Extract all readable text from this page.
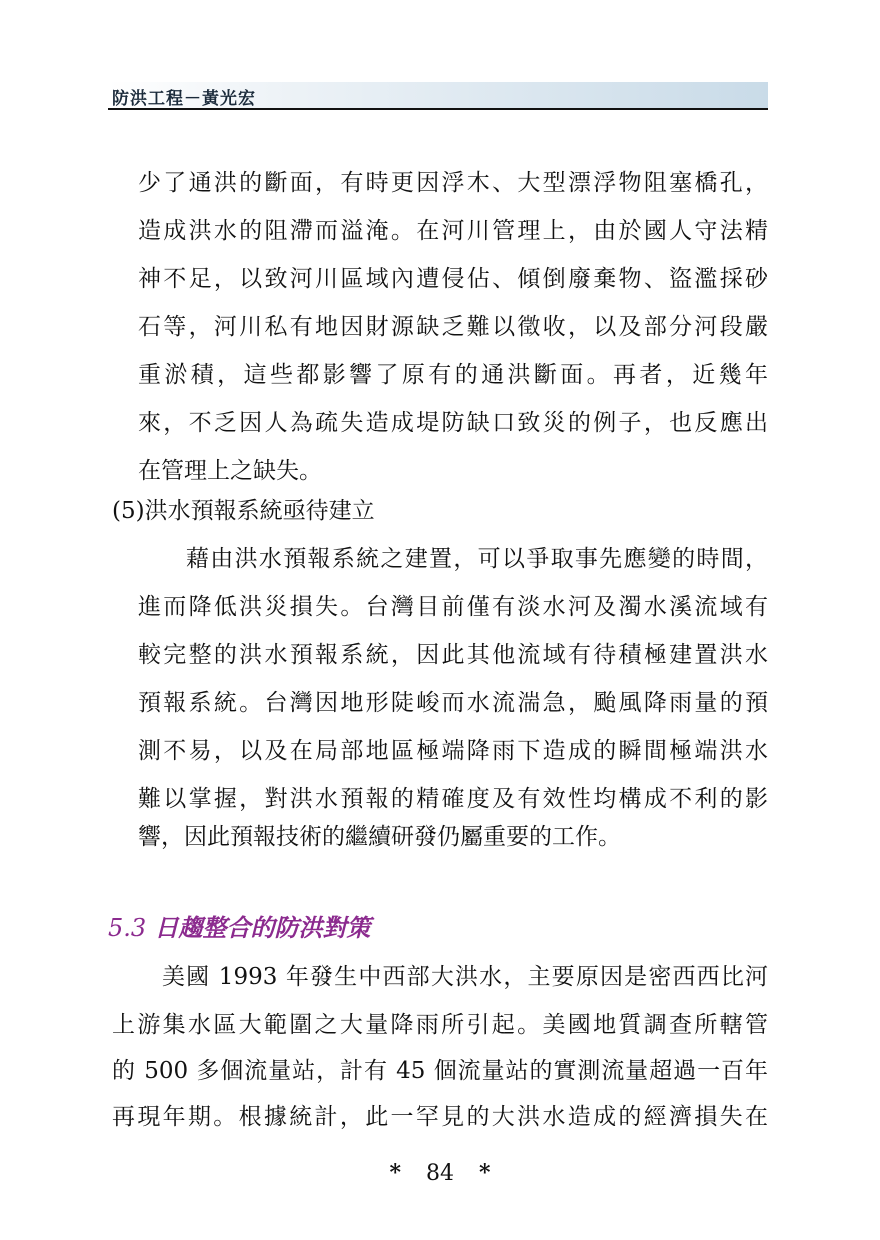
防洪工程－黃光宏
少了通洪的斷面，有時更因浮木、大型漂浮物阻塞橋孔，
造成洪水的阻滯而溢淹。在河川管理上，由於國人守法精
神不足，以致河川區域內遭侵佔、傾倒廢棄物、盜濫採砂
石等，河川私有地因財源缺乏難以徵收，以及部分河段嚴
重淤積，這些都影響了原有的通洪斷面。再者，近幾年
來，不乏因人為疏失造成堤防缺口致災的例子，也反應出
在管理上之缺失。
(5)洪水預報系統亟待建立
藉由洪水預報系統之建置，可以爭取事先應變的時間，
進而降低洪災損失。台灣目前僅有淡水河及濁水溪流域有
較完整的洪水預報系統，因此其他流域有待積極建置洪水
預報系統。台灣因地形陡峻而水流湍急，颱風降雨量的預
測不易，以及在局部地區極端降雨下造成的瞬間極端洪水
難以掌握，對洪水預報的精確度及有效性均構成不利的影
響，因此預報技術的繼續研發仍屬重要的工作。
5.3 日趨整合的防洪對策
美國 1993 年發生中西部大洪水，主要原因是密西西比河
上游集水區大範圍之大量降雨所引起。美國地質調查所轄管
的 500 多個流量站，計有 45 個流量站的實測流量超過一百年
再現年期。根據統計，此一罕見的大洪水造成的經濟損失在
* 84 *
